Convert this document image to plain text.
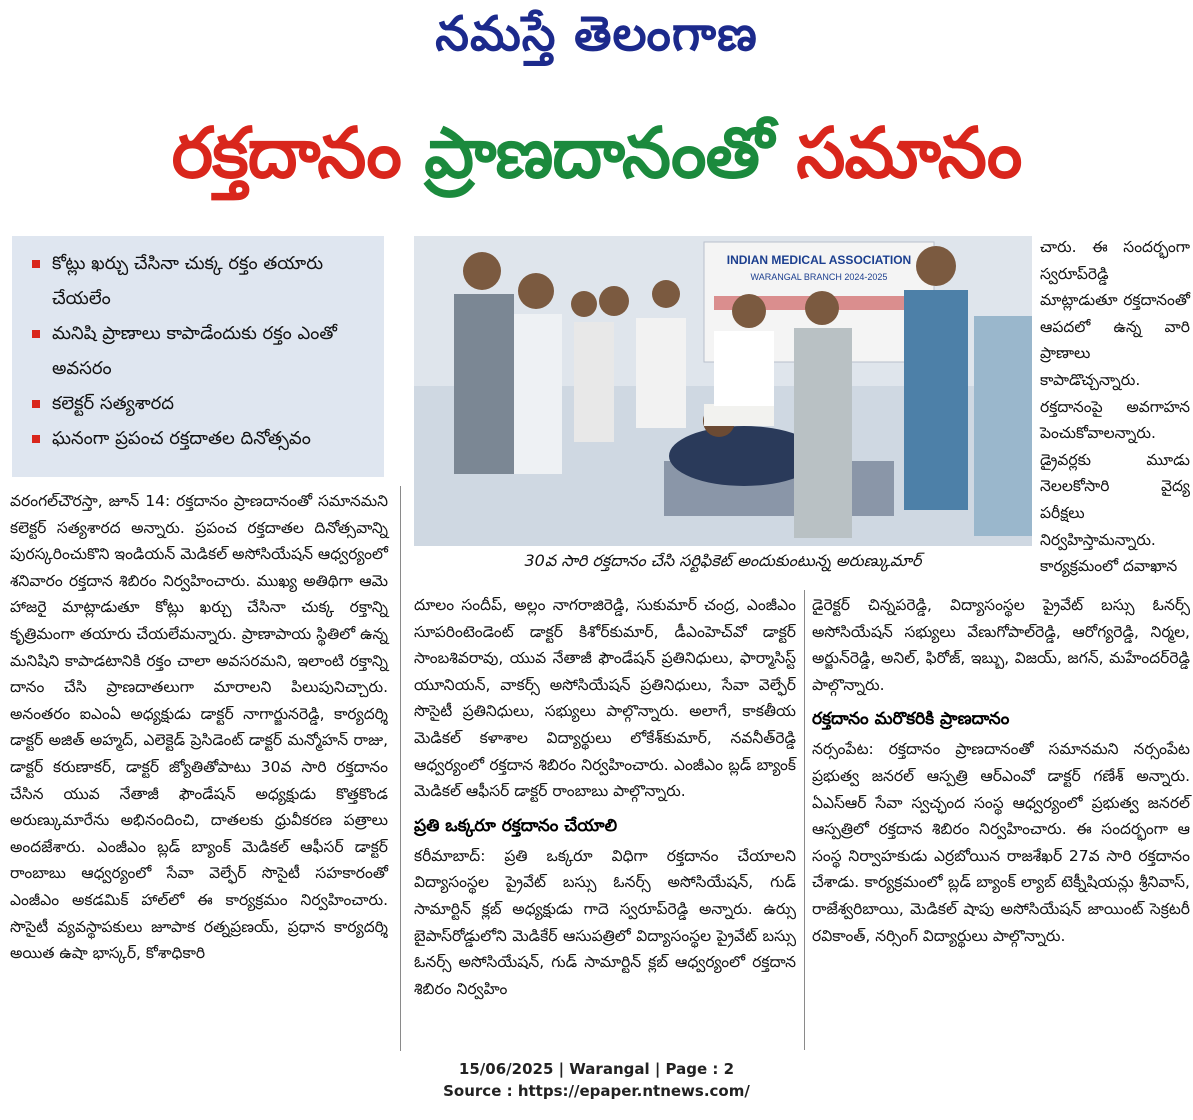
నమస్తే తెలంగాణ
రక్తదానం ప్రాణదానంతో సమానం
కోట్లు ఖర్చు చేసినా చుక్క రక్తం తయారు చేయలేం
మనిషి ప్రాణాలు కాపాడేందుకు రక్తం ఎంతో అవసరం
కలెక్టర్ సత్యశారద
ఘనంగా ప్రపంచ రక్తదాతల దినోత్సవం
INDIAN MEDICAL ASSOCIATION
WARANGAL BRANCH 2024-2025
30వ సారి రక్తదానం చేసి సర్టిఫికెట్ అందుకుంటున్న అరుణ్కుమార్

వరంగల్‌చౌరస్తా, జూన్ 14: రక్తదానం ప్రాణదానంతో సమానమని కలెక్టర్ సత్యశారద అన్నారు. ప్రపంచ రక్తదాతల దినోత్సవాన్ని పురస్కరించుకొని ఇండియన్ మెడికల్ అసోసియేషన్ ఆధ్వర్యంలో శనివారం రక్తదాన శిబిరం నిర్వహించారు. ముఖ్య అతిథిగా ఆమె హాజరై మాట్లాడుతూ కోట్లు ఖర్చు చేసినా చుక్క రక్తాన్ని కృత్రిమంగా తయారు చేయలేమన్నారు. ప్రాణాపాయ స్థితిలో ఉన్న మనిషిని కాపాడటానికి రక్తం చాలా అవసరమని, ఇలాంటి రక్తాన్ని దానం చేసి ప్రాణదాతలుగా మారాలని పిలుపునిచ్చారు. అనంతరం ఐఎంఏ అధ్యక్షుడు డాక్టర్ నాగార్జునరెడ్డి, కార్యదర్శి డాక్టర్ అజిత్ అహ్మద్, ఎలెక్టెడ్ ప్రెసిడెంట్ డాక్టర్ మన్మోహన్ రాజు, డాక్టర్ కరుణాకర్, డాక్టర్ జ్యోతితోపాటు 30వ సారి రక్తదానం చేసిన యువ నేతాజీ ఫౌండేషన్ అధ్యక్షుడు కొత్తకొండ అరుణ్కుమారేను అభినందించి, దాతలకు ధ్రువీకరణ పత్రాలు అందజేశారు. ఎంజీఎం బ్లడ్ బ్యాంక్ మెడికల్ ఆఫీసర్ డాక్టర్ రాంబాబు ఆధ్వర్యంలో సేవా వెల్ఫేర్ సొసైటీ సహకారంతో ఎంజీఎం అకడమిక్ హాల్‌లో ఈ కార్యక్రమం నిర్వహించారు. సొసైటీ వ్యవస్థాపకులు జూపాక రత్నప్రణయ్, ప్రధాన కార్యదర్శి అయిత ఉషా భాస్కర్, కోశాధికారి

చారు. ఈ సందర్భంగా స్వరూప్‌రెడ్డి మాట్లాడుతూ రక్తదానంతో ఆపదలో ఉన్న వారి ప్రాణాలు కాపాడొచ్చన్నారు. రక్తదానంపై అవగాహన పెంచుకోవాలన్నారు. డ్రైవర్లకు మూడు నెలలకోసారి వైద్య పరీక్షలు నిర్వహిస్తామన్నారు. కార్యక్రమంలో దవాఖాన

దూలం సందీప్, అల్లం నాగరాజిరెడ్డి, సుకుమార్ చంద్ర, ఎంజీఎం సూపరింటెండెంట్ డాక్టర్ కిశోర్‌కుమార్, డీఎంహెచ్‌వో డాక్టర్ సాంబశివరావు, యువ నేతాజీ ఫౌండేషన్ ప్రతినిధులు, ఫార్మాసిస్ట్ యూనియన్, వాకర్స్ అసోసియేషన్ ప్రతినిధులు, సేవా వెల్ఫేర్ సొసైటీ ప్రతినిధులు, సభ్యులు పాల్గొన్నారు. అలాగే, కాకతీయ మెడికల్ కళాశాల విద్యార్థులు లోకేశ్‌కుమార్, నవనీత్‌రెడ్డి ఆధ్వర్యంలో రక్తదాన శిబిరం నిర్వహించారు. ఎంజీఎం బ్లడ్ బ్యాంక్ మెడికల్ ఆఫీసర్ డాక్టర్ రాంబాబు పాల్గొన్నారు.

ప్రతి ఒక్కరూ రక్తదానం చేయాలి

కరీమాబాద్: ప్రతి ఒక్కరూ విధిగా రక్తదానం చేయాలని విద్యాసంస్థల ప్రైవేట్ బస్సు ఓనర్స్ అసోసియేషన్, గుడ్ సామార్టిన్ క్లబ్ అధ్యక్షుడు గాదె స్వరూప్‌రెడ్డి అన్నారు. ఉర్సు బైపాస్‌రోడ్డులోని మెడికేర్ ఆసుపత్రిలో విద్యాసంస్థల ప్రైవేట్ బస్సు ఓనర్స్ అసోసియేషన్, గుడ్ సామార్టిన్ క్లబ్ ఆధ్వర్యంలో రక్తదాన శిబిరం నిర్వహిం

డైరెక్టర్ చిన్నపరెడ్డి, విద్యాసంస్థల ప్రైవేట్ బస్సు ఓనర్స్ అసోసియేషన్ సభ్యులు వేణుగోపాల్‌రెడ్డి, ఆరోగ్యరెడ్డి, నిర్మల, అర్జున్‌రెడ్డి, అనిల్, ఫిరోజ్, ఇబ్బు, విజయ్, జగన్, మహేందర్‌రెడ్డి పాల్గొన్నారు.

రక్తదానం మరొకరికి ప్రాణదానం

నర్సంపేట: రక్తదానం ప్రాణదానంతో సమానమని నర్సంపేట ప్రభుత్వ జనరల్ ఆస్పత్రి ఆర్ఎంవో డాక్టర్ గణేశ్ అన్నారు. ఏఎస్ఆర్ సేవా స్వచ్ఛంద సంస్థ ఆధ్వర్యంలో ప్రభుత్వ జనరల్ ఆస్పత్రిలో రక్తదాన శిబిరం నిర్వహించారు. ఈ సందర్భంగా ఆ సంస్థ నిర్వాహకుడు ఎర్రబోయిన రాజశేఖర్ 27వ సారి రక్తదానం చేశాడు. కార్యక్రమంలో బ్లడ్ బ్యాంక్ ల్యాబ్ టెక్నీషియన్లు శ్రీనివాస్, రాజేశ్వరిబాయి, మెడికల్ షాపు అసోసియేషన్ జాయింట్ సెక్రటరీ రవికాంత్, నర్సింగ్ విద్యార్థులు పాల్గొన్నారు.

15/06/2025 | Warangal | Page : 2
Source : https://epaper.ntnews.com/
